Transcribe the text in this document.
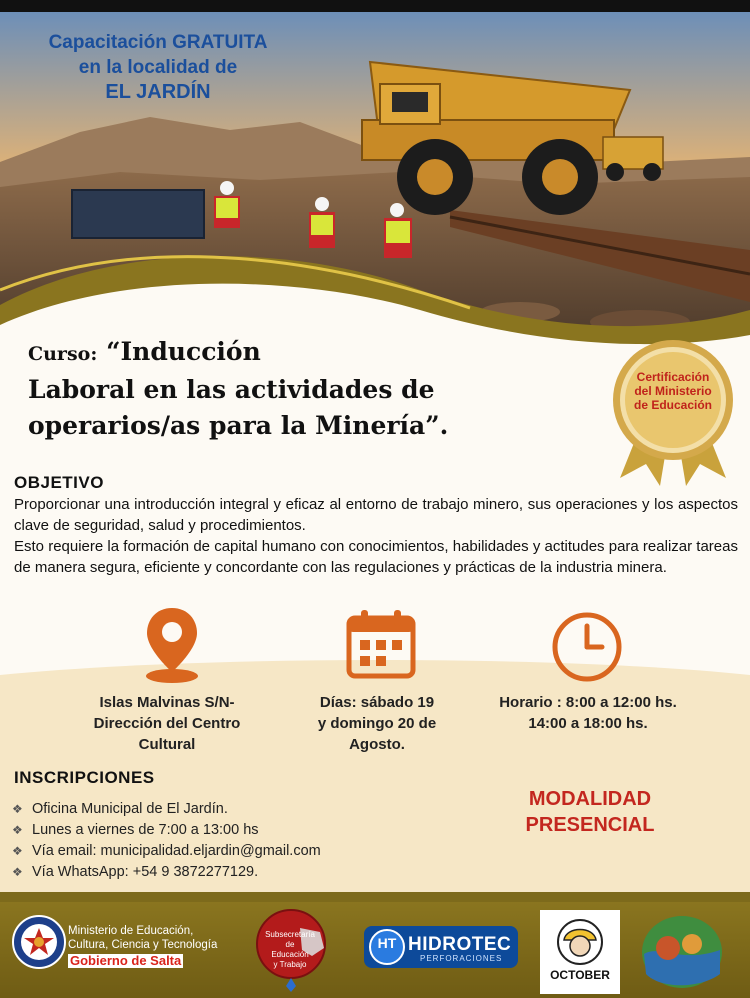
Capacitación GRATUITA
en la localidad de
EL JARDÍN
Curso: “Inducción
Laboral en las actividades de
operarios/as para la Minería”.
Certificación
del Ministerio
de Educación
OBJETIVO

Proporcionar una introducción integral y eficaz al entorno de trabajo minero, sus operaciones y los aspectos clave de seguridad, salud y procedimientos.

Esto requiere la formación de capital humano con conocimientos, habilidades y actitudes para realizar tareas de manera segura, eficiente y concordante con las regulaciones y prácticas de la industria minera.

Islas Malvinas S/N-
Dirección del Centro
Cultural
Días: sábado 19
y domingo 20 de
Agosto.
Horario : 8:00 a 12:00 hs.
14:00 a 18:00 hs.
INSCRIPCIONES
❖ Oficina Municipal de El Jardín.
❖ Lunes a viernes de 7:00 a 13:00 hs
❖ Vía email: municipalidad.eljardin@gmail.com
❖ Vía WhatsApp: +54 9 3872277129.
MODALIDAD
PRESENCIAL
Ministerio de Educación,
Cultura, Ciencia y Tecnología
Gobierno de Salta
Subsecretaría
de
Educación
y Trabajo
HT HIDROTEC
PERFORACIONES
OCTOBER
